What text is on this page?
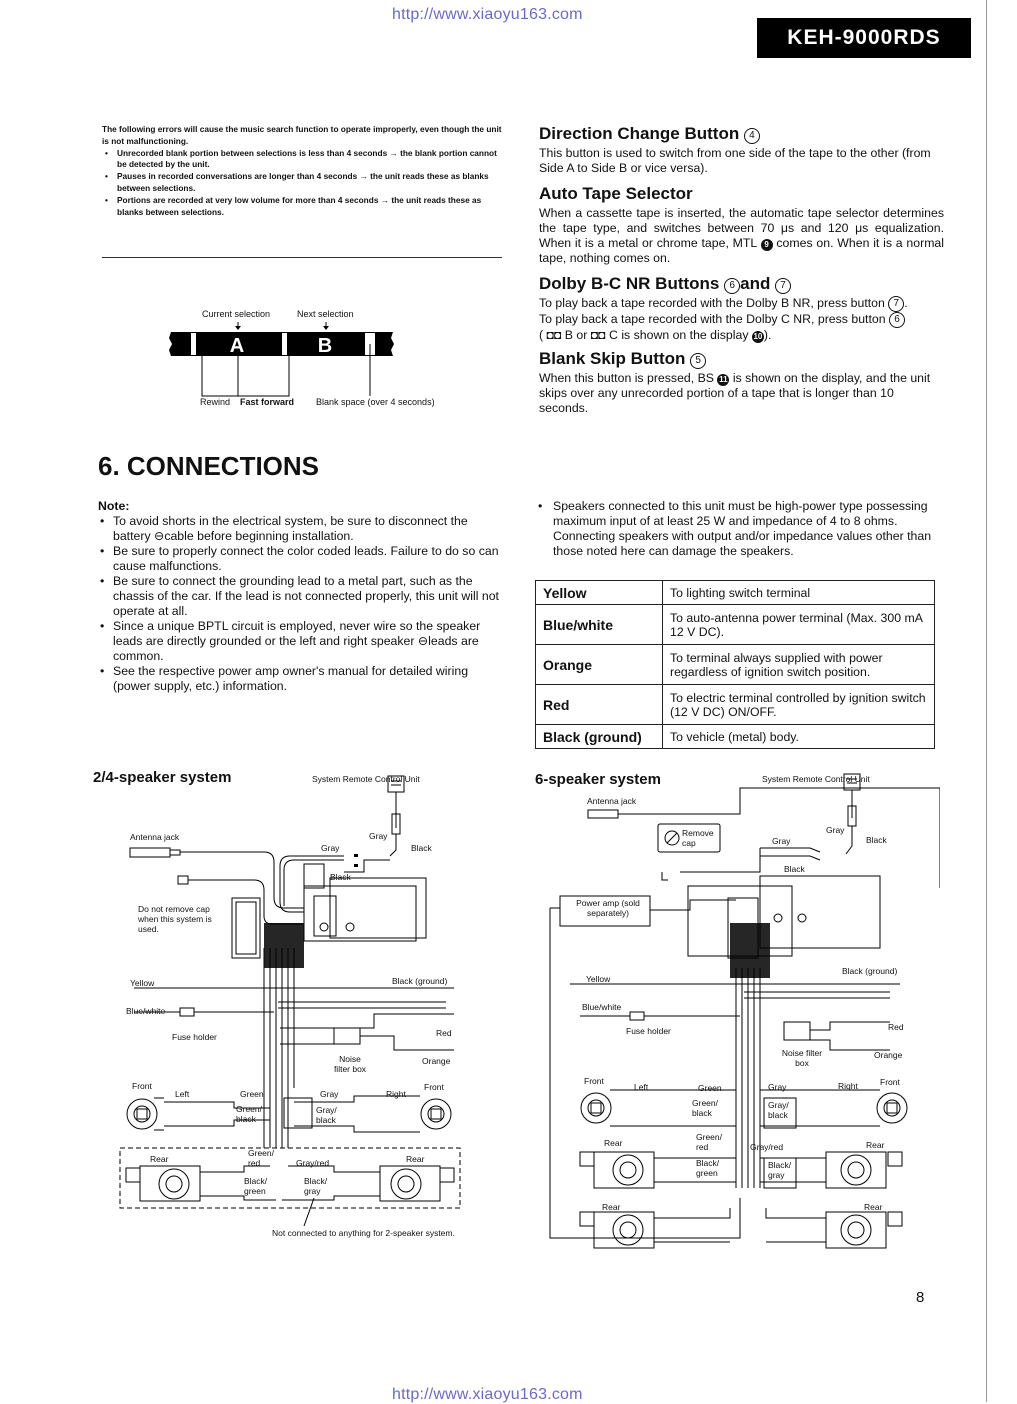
http://www.xiaoyu163.com
KEH-9000RDS
The following errors will cause the music search function to operate improperly, even though the unit is not malfunctioning.
• Unrecorded blank portion between selections is less than 4 seconds → the blank portion cannot be detected by the unit.
• Pauses in recorded conversations are longer than 4 seconds → the unit reads these as blanks between selections.
• Portions are recorded at very low volume for more than 4 seconds → the unit reads these as blanks between selections.
Current selection	Next selection
A	B
Rewind Fast forward Blank space (over 4 seconds)
Direction Change Button 4
This button is used to switch from one side of the tape to the other (from Side A to Side B or vice versa).
Auto Tape Selector
When a cassette tape is inserted, the automatic tape selector determines the tape type, and switches between 70 μs and 120 μs equalization. When it is a metal or chrome tape, MTL 9 comes on. When it is a normal tape, nothing comes on.
Dolby B-C NR Buttons 6 and 7
To play back a tape recorded with the Dolby B NR, press button 7 .
To play back a tape recorded with the Dolby C NR, press button 6
( ◘◘ B or ◘◘ C is shown on the display 10 ).
Blank Skip Button 5
When this button is pressed, BS 11 is shown on the display, and the unit skips over any unrecorded portion of a tape that is longer than 10 seconds.
6. CONNECTIONS
Note:
• To avoid shorts in the electrical system, be sure to disconnect the battery ⊖cable before beginning installation.
• Be sure to properly connect the color coded leads. Failure to do so can cause malfunctions.
• Be sure to connect the grounding lead to a metal part, such as the chassis of the car. If the lead is not connected properly, this unit will not operate at all.
• Since a unique BPTL circuit is employed, never wire so the speaker leads are directly grounded or the left and right speaker ⊖leads are common.
• See the respective power amp owner's manual for detailed wiring (power supply, etc.) information.
• Speakers connected to this unit must be high-power type possessing maximum input of at least 25 W and impedance of 4 to 8 ohms. Connecting speakers with output and/or impedance values other than those noted here can damage the speakers.
Yellow	To lighting switch terminal
Blue/white	To auto-antenna power terminal (Max. 300 mA 12 V DC).
Orange	To terminal always supplied with power regardless of ignition switch position.
Red	To electric terminal controlled by ignition switch (12 V DC) ON/OFF.
Black (ground)	To vehicle (metal) body.
2/4-speaker system	System Remote Control Unit
Antenna jack
Gray
Gray
Black
Black
Do not remove cap when this system is used.
Yellow	Black (ground)
Blue/white
Fuse holder	Red
Noise filter box
Orange
Front
Left	Green	Gray	Right
Front
Green/ black
Gray/ black
Rear
Green/ red	Gray/red	Rear
Black/ green
Black/ gray
Not connected to anything for 2-speaker system.
6-speaker system	System Remote Control Unit
Antenna jack
Remove cap	Gray
Gray
Black
Black
Power amp (sold separately)
Yellow
Black (ground)
Blue/white
Fuse holder	Red
Noise filter box
Orange
Front
Left	Green	Gray	Right	Front
Green/ black
Gray/ black
Rear
Green/ red	Gray/red	Rear
Black/ green
Black/ gray
Rear	Rear
8
http://www.xiaoyu163.com
